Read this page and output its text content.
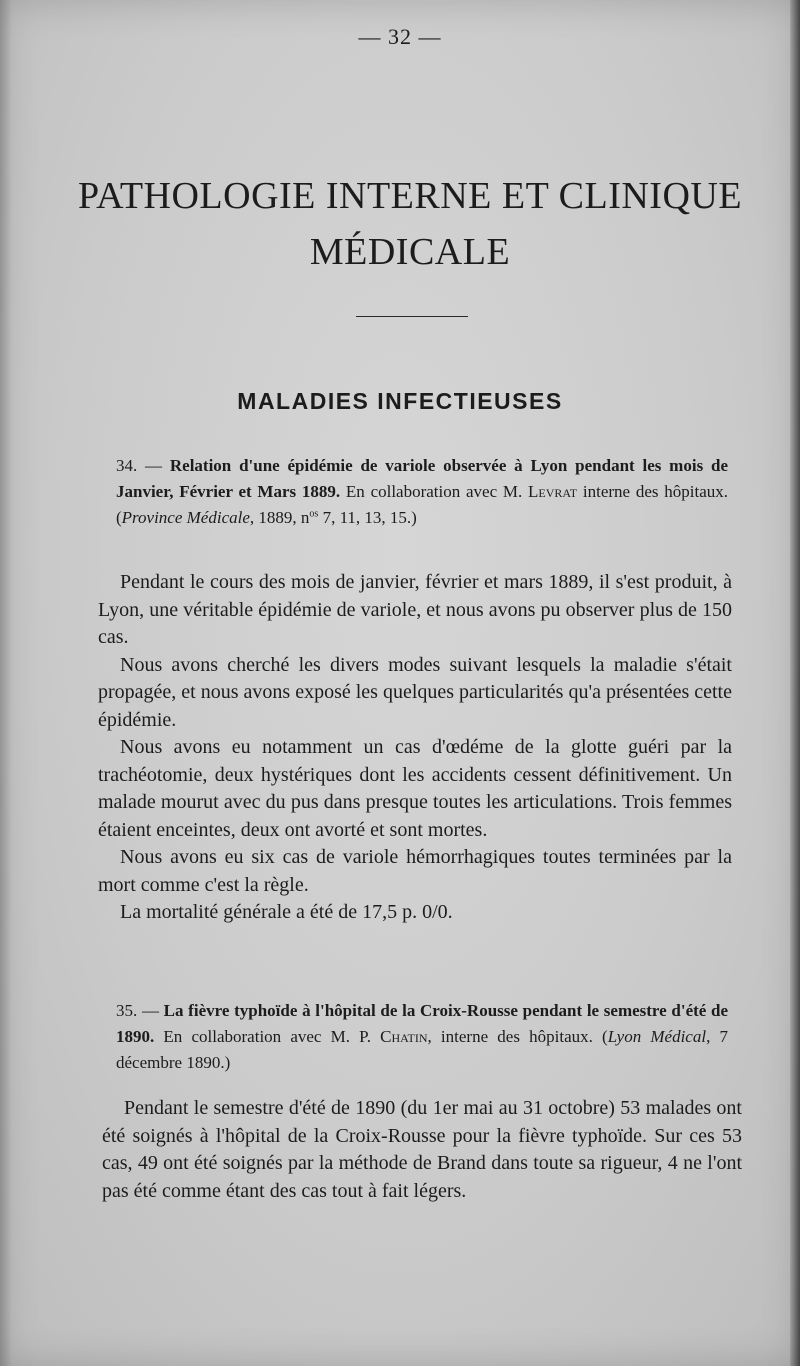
— 32 —
PATHOLOGIE INTERNE ET CLINIQUE
MÉDICALE
MALADIES INFECTIEUSES
34. — Relation d'une épidémie de variole observée à Lyon pendant les mois de Janvier, Février et Mars 1889. En collaboration avec M. Levrat interne des hôpitaux. (Province Médicale, 1889, $n^{os}$ 7, 11, 13, 15.)

Pendant le cours des mois de janvier, février et mars 1889, il s'est produit, à Lyon, une véritable épidémie de variole, et nous avons pu observer plus de 150 cas.

Nous avons cherché les divers modes suivant lesquels la maladie s'était propagée, et nous avons exposé les quelques particularités qu'a présentées cette épidémie.

Nous avons eu notamment un cas d'œdéme de la glotte guéri par la trachéotomie, deux hystériques dont les accidents cessent définitivement. Un malade mourut avec du pus dans presque toutes les articulations. Trois femmes étaient enceintes, deux ont avorté et sont mortes.

Nous avons eu six cas de variole hémorrhagiques toutes terminées par la mort comme c'est la règle.

La mortalité générale a été de 17,5 p. 0/0.

35. — La fièvre typhoïde à l'hôpital de la Croix-Rousse pendant le semestre d'été de 1890. En collaboration avec M. P. Chatin, interne des hôpitaux. (Lyon Médical, 7 décembre 1890.)

Pendant le semestre d'été de 1890 (du 1er mai au 31 octobre) 53 malades ont été soignés à l'hôpital de la Croix-Rousse pour la fièvre typhoïde. Sur ces 53 cas, 49 ont été soignés par la méthode de Brand dans toute sa rigueur, 4 ne l'ont pas été comme étant des cas tout à fait légers.
